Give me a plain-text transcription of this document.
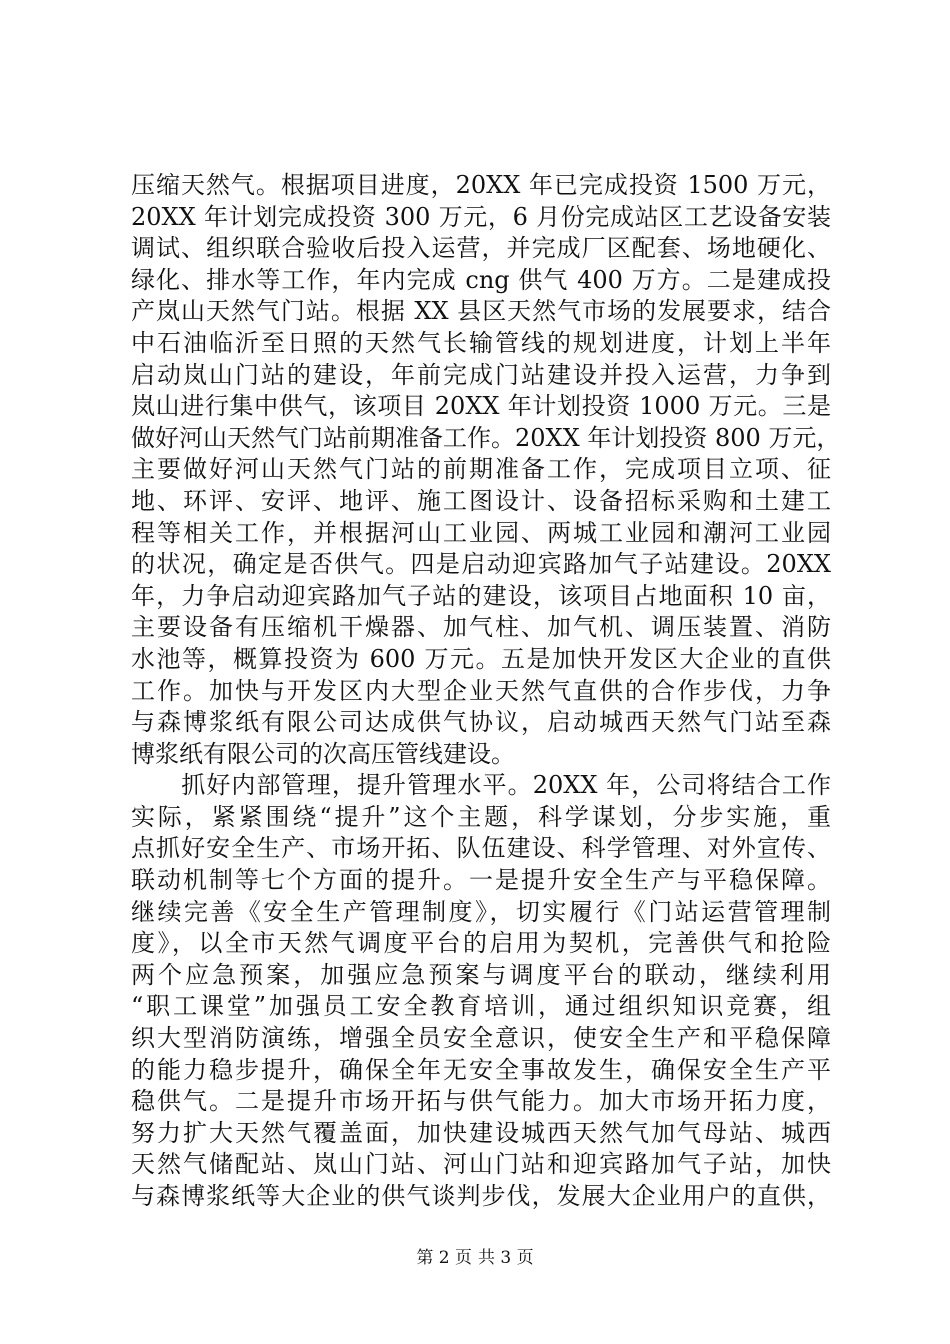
压缩天然气。根据项目进度，20XX 年已完成投资 1500 万元，
20XX 年计划完成投资 300 万元，6 月份完成站区工艺设备安装
调试、组织联合验收后投入运营，并完成厂区配套、场地硬化、
绿化、排水等工作，年内完成 cng 供气 400 万方。二是建成投
产岚山天然气门站。根据 XX 县区天然气市场的发展要求，结合
中石油临沂至日照的天然气长输管线的规划进度，计划上半年
启动岚山门站的建设，年前完成门站建设并投入运营，力争到
岚山进行集中供气，该项目 20XX 年计划投资 1000 万元。三是
做好河山天然气门站前期准备工作。20XX 年计划投资 800 万元，
主要做好河山天然气门站的前期准备工作，完成项目立项、征
地、环评、安评、地评、施工图设计、设备招标采购和土建工
程等相关工作，并根据河山工业园、两城工业园和潮河工业园
的状况，确定是否供气。四是启动迎宾路加气子站建设。20XX
年，力争启动迎宾路加气子站的建设，该项目占地面积 10 亩，
主要设备有压缩机干燥器、加气柱、加气机、调压装置、消防
水池等，概算投资为 600 万元。五是加快开发区大企业的直供
工作。加快与开发区内大型企业天然气直供的合作步伐，力争
与森博浆纸有限公司达成供气协议，启动城西天然气门站至森
博浆纸有限公司的次高压管线建设。
　　抓好内部管理，提升管理水平。20XX 年，公司将结合工作
实际，紧紧围绕“提升”这个主题，科学谋划，分步实施，重
点抓好安全生产、市场开拓、队伍建设、科学管理、对外宣传、
联动机制等七个方面的提升。一是提升安全生产与平稳保障。
继续完善《安全生产管理制度》，切实履行《门站运营管理制
度》，以全市天然气调度平台的启用为契机，完善供气和抢险
两个应急预案，加强应急预案与调度平台的联动，继续利用
“职工课堂”加强员工安全教育培训，通过组织知识竞赛，组
织大型消防演练，增强全员安全意识，使安全生产和平稳保障
的能力稳步提升，确保全年无安全事故发生，确保安全生产平
稳供气。二是提升市场开拓与供气能力。加大市场开拓力度，
努力扩大天然气覆盖面，加快建设城西天然气加气母站、城西
天然气储配站、岚山门站、河山门站和迎宾路加气子站，加快
与森博浆纸等大企业的供气谈判步伐，发展大企业用户的直供，
第 2 页 共 3 页
